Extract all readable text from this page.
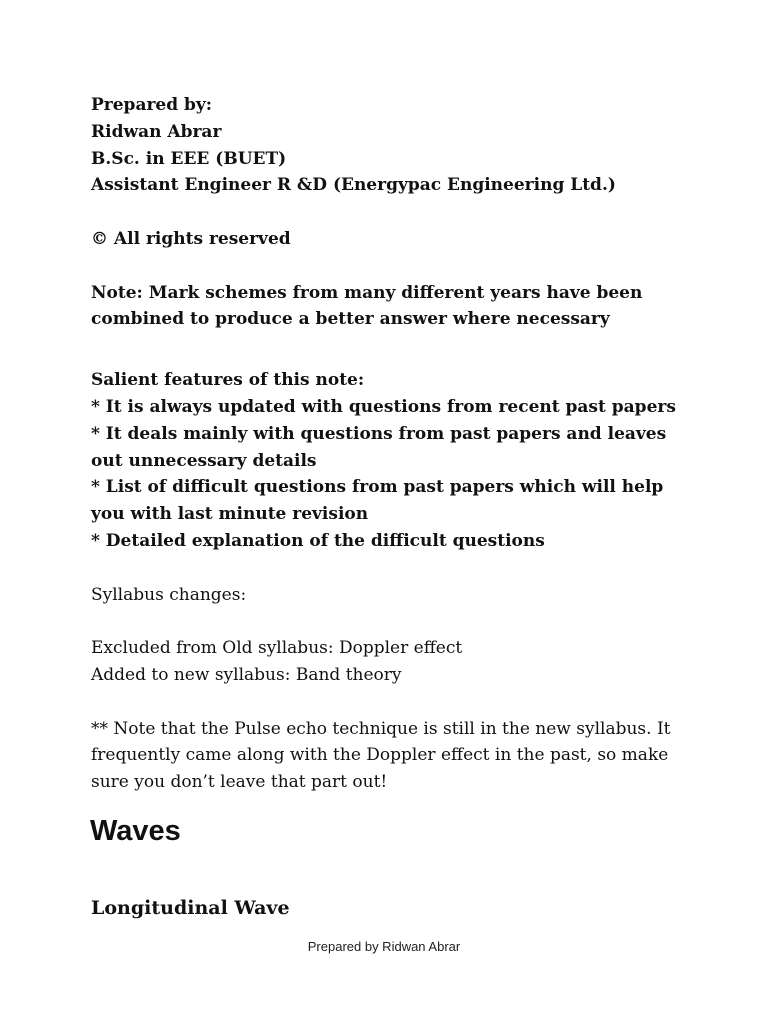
Prepared by:
Ridwan Abrar
B.Sc. in EEE (BUET)
Assistant Engineer R &D (Energypac Engineering Ltd.)
© All rights reserved
Note: Mark schemes from many different years have been combined to produce a better answer where necessary
Salient features of this note:
* It is always updated with questions from recent past papers
* It deals mainly with questions from past papers and leaves out unnecessary details
* List of difficult questions from past papers which will help you with last minute revision
* Detailed explanation of the difficult questions
Syllabus changes:
Excluded from Old syllabus: Doppler effect
Added to new syllabus: Band theory
** Note that the Pulse echo technique is still in the new syllabus. It frequently came along with the Doppler effect in the past, so make sure you don’t leave that part out!
Waves
Longitudinal Wave
Prepared by Ridwan Abrar
